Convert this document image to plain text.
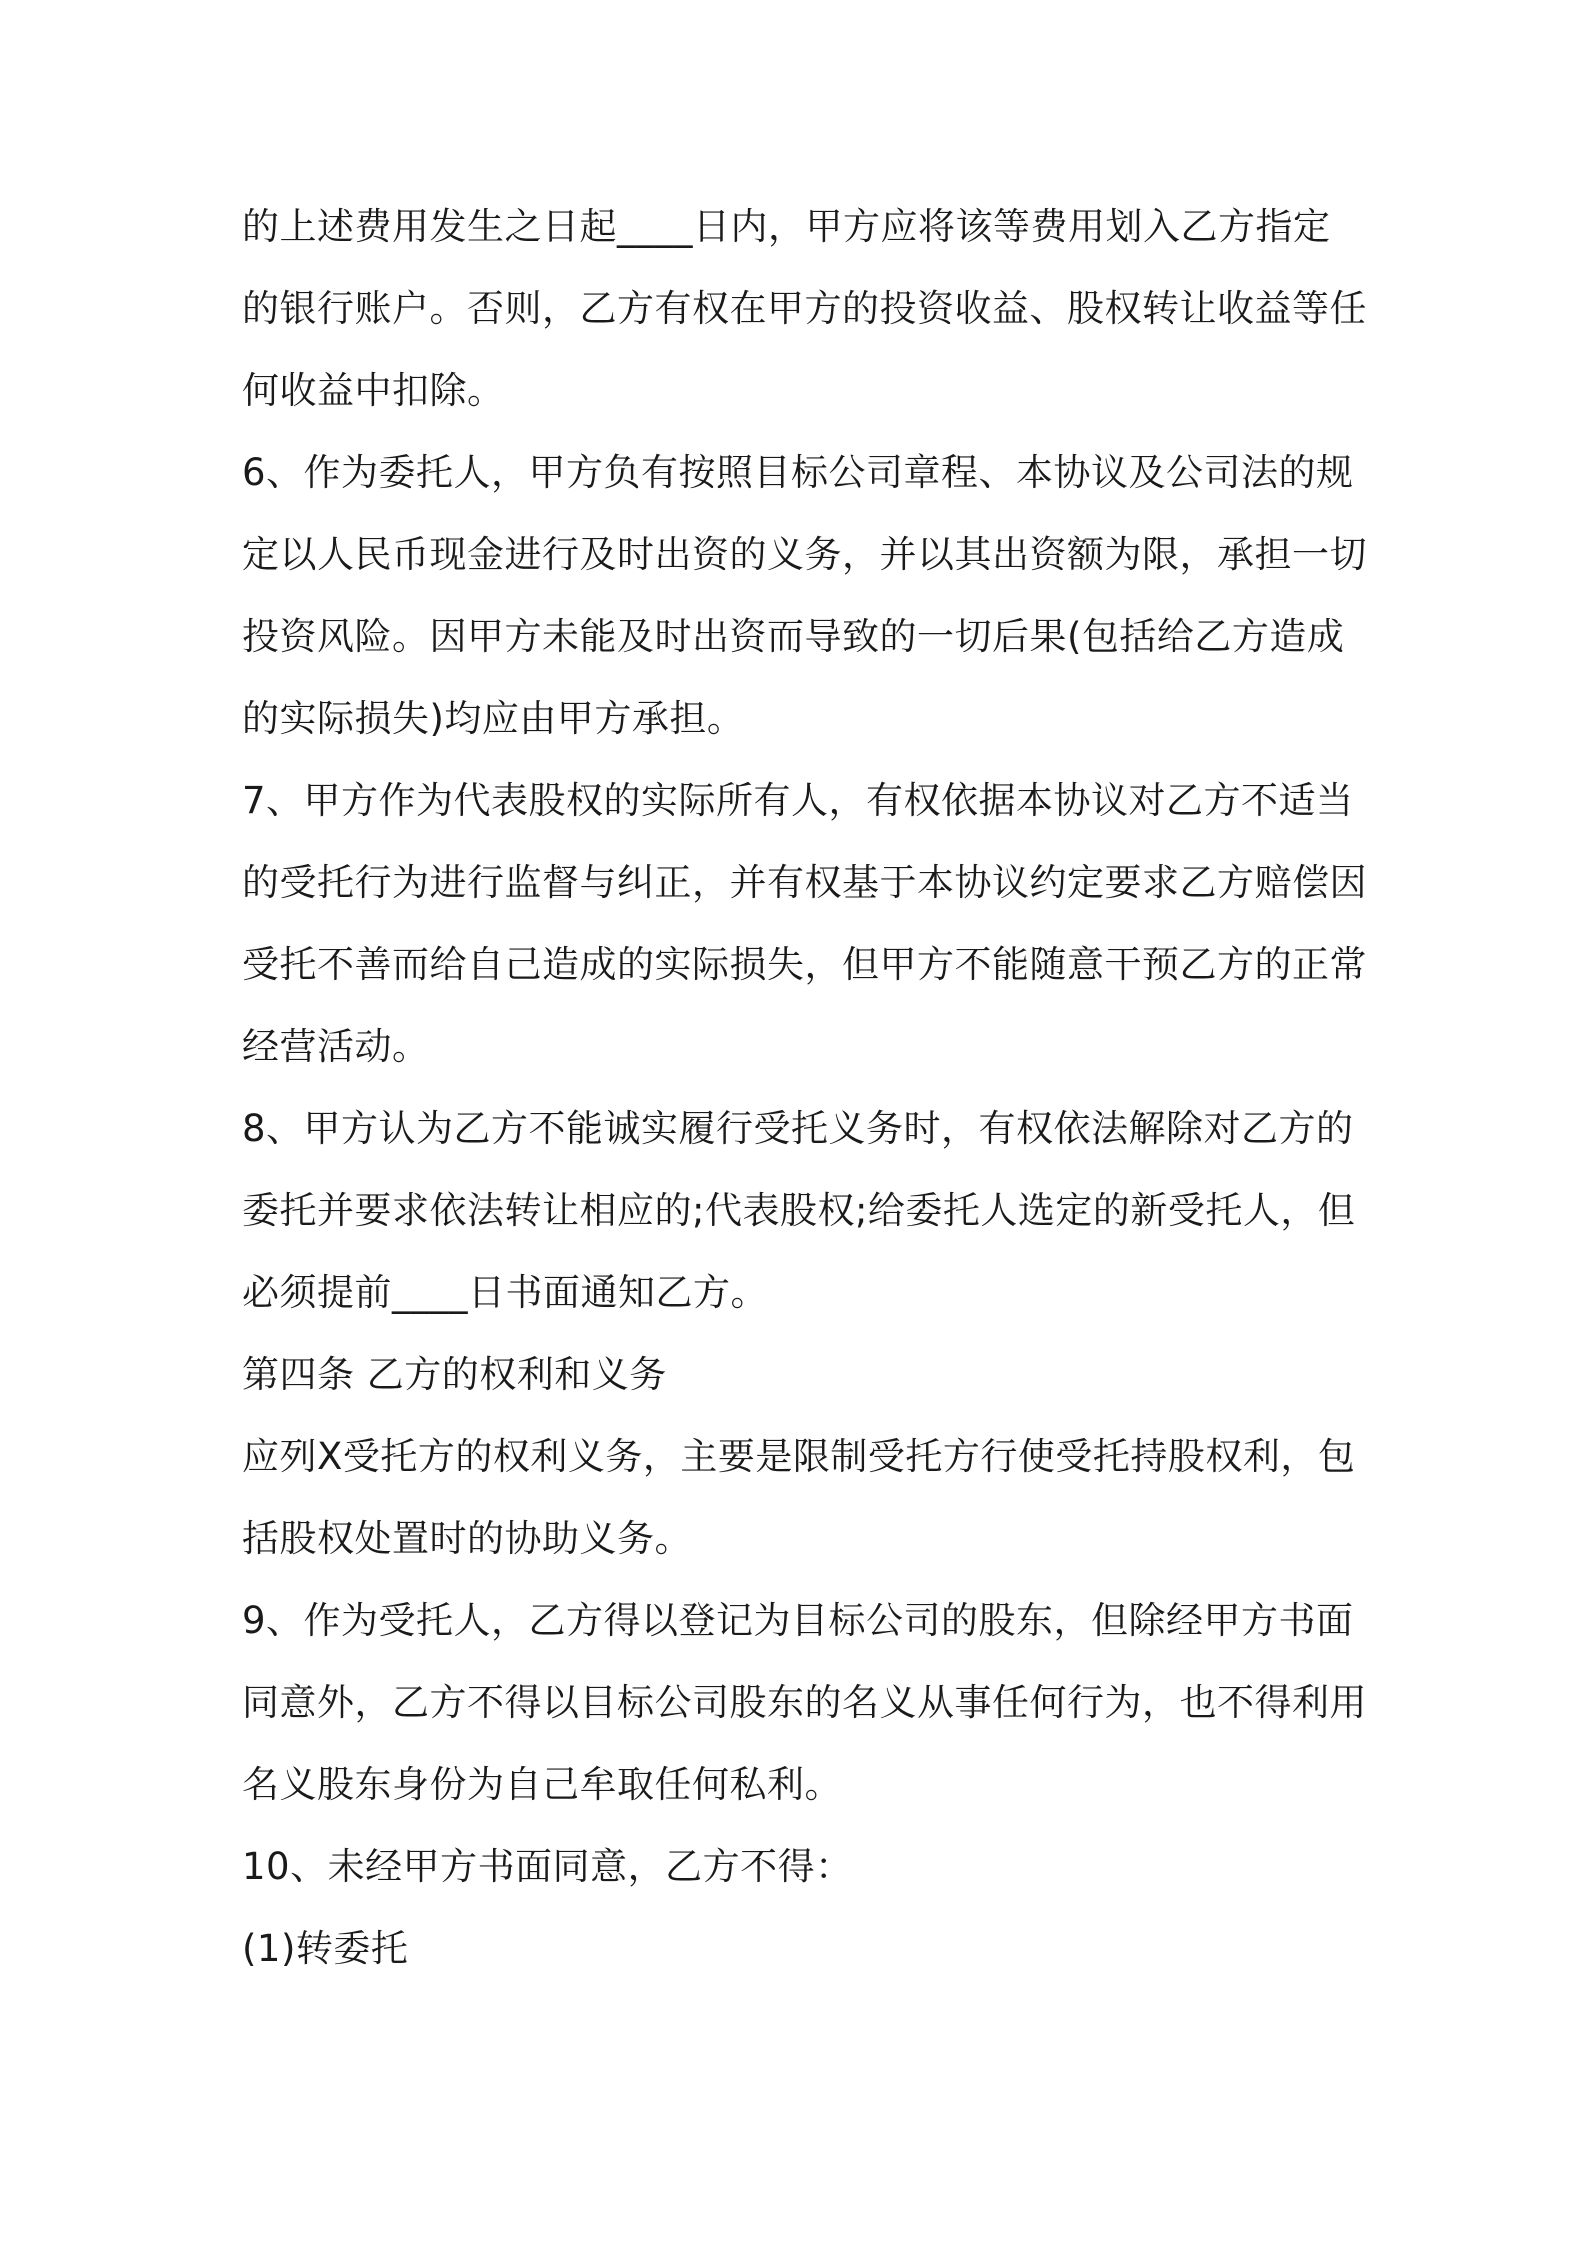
的上述费用发生之日起____日内，甲方应将该等费用划入乙方指定
的银行账户。否则，乙方有权在甲方的投资收益、股权转让收益等任
何收益中扣除。
6、作为委托人，甲方负有按照目标公司章程、本协议及公司法的规
定以人民币现金进行及时出资的义务，并以其出资额为限，承担一切
投资风险。因甲方未能及时出资而导致的一切后果(包括给乙方造成
的实际损失)均应由甲方承担。
7、甲方作为代表股权的实际所有人，有权依据本协议对乙方不适当
的受托行为进行监督与纠正，并有权基于本协议约定要求乙方赔偿因
受托不善而给自己造成的实际损失，但甲方不能随意干预乙方的正常
经营活动。
8、甲方认为乙方不能诚实履行受托义务时，有权依法解除对乙方的
委托并要求依法转让相应的;代表股权;给委托人选定的新受托人，但
必须提前____日书面通知乙方。
第四条 乙方的权利和义务
应列Ⅹ受托方的权利义务，主要是限制受托方行使受托持股权利，包
括股权处置时的协助义务。
9、作为受托人，乙方得以登记为目标公司的股东，但除经甲方书面
同意外，乙方不得以目标公司股东的名义从事任何行为，也不得利用
名义股东身份为自己牟取任何私利。
10、未经甲方书面同意，乙方不得：
(1)转委托
